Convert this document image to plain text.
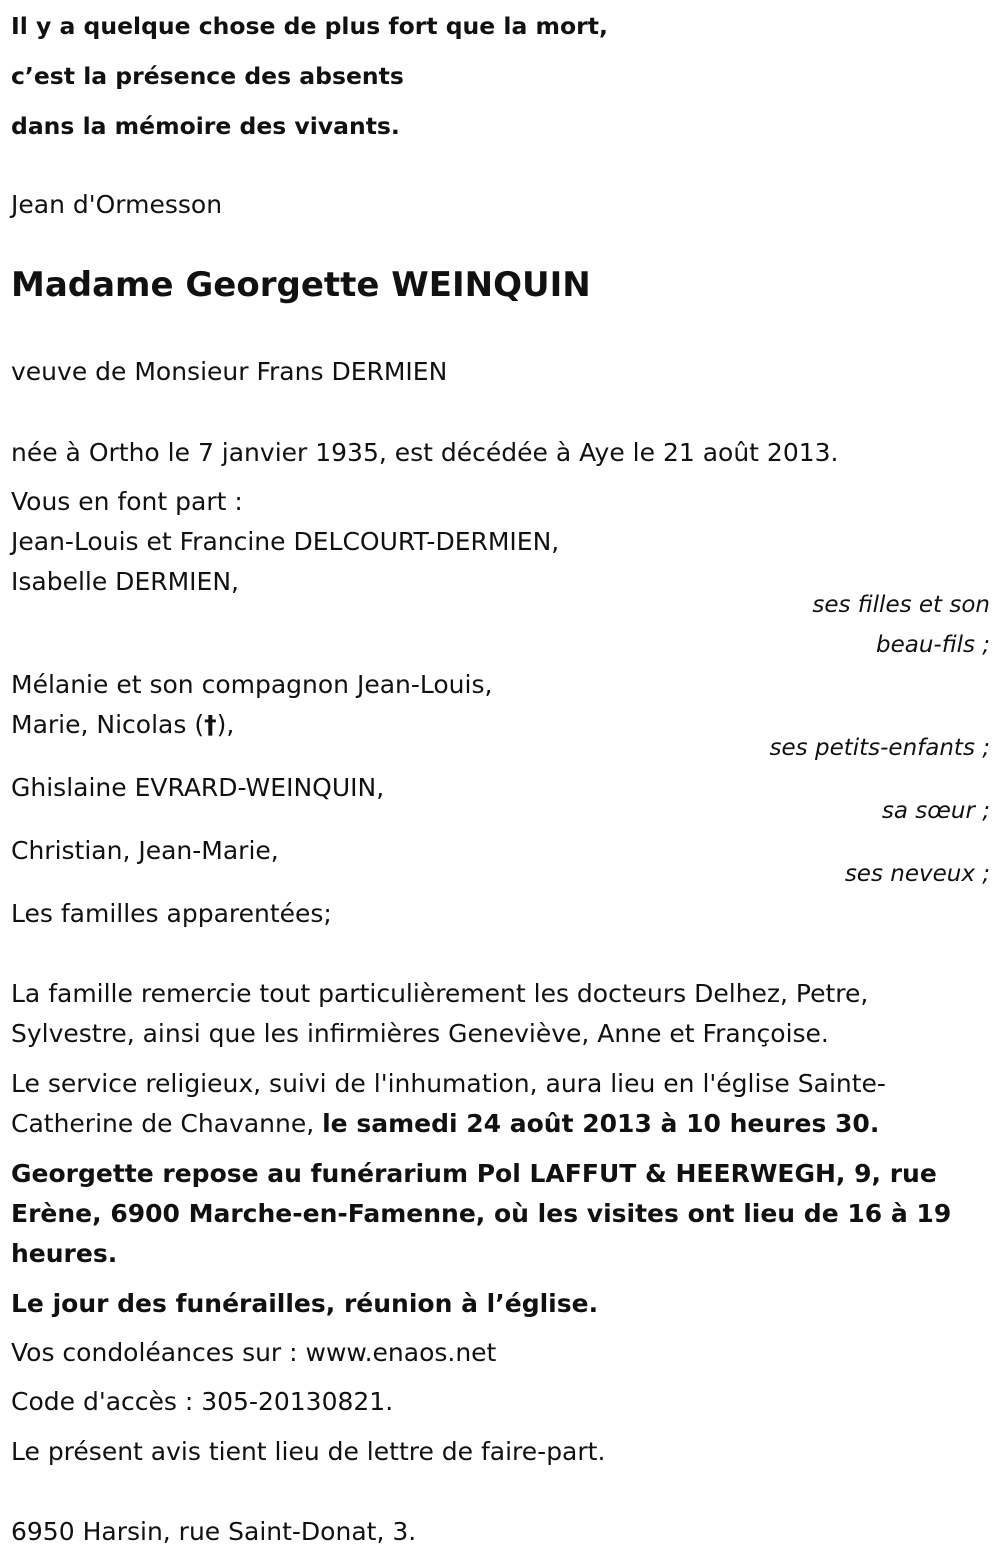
Il y a quelque chose de plus fort que la mort,
c’est la présence des absents
dans la mémoire des vivants.
Jean d'Ormesson
Madame Georgette WEINQUIN
veuve de Monsieur Frans DERMIEN
née à Ortho le 7 janvier 1935, est décédée à Aye le 21 août 2013.
Vous en font part :
Jean-Louis et Francine DELCOURT-DERMIEN,
Isabelle DERMIEN,
ses filles et son
beau-fils ;
Mélanie et son compagnon Jean-Louis,
Marie, Nicolas (†),
ses petits-enfants ;
Ghislaine EVRARD-WEINQUIN,
sa sœur ;
Christian, Jean-Marie,
ses neveux ;
Les familles apparentées;
La famille remercie tout particulièrement les docteurs Delhez, Petre,
Sylvestre, ainsi que les infirmières Geneviève, Anne et Françoise.
Le service religieux, suivi de l'inhumation, aura lieu en l'église Sainte-
Catherine de Chavanne, le samedi 24 août 2013 à 10 heures 30.
Georgette repose au funérarium Pol LAFFUT & HEERWEGH, 9, rue
Erène, 6900 Marche-en-Famenne, où les visites ont lieu de 16 à 19
heures.
Le jour des funérailles, réunion à l’église.
Vos condoléances sur : www.enaos.net
Code d'accès : 305-20130821.
Le présent avis tient lieu de lettre de faire-part.
6950 Harsin, rue Saint-Donat, 3.
